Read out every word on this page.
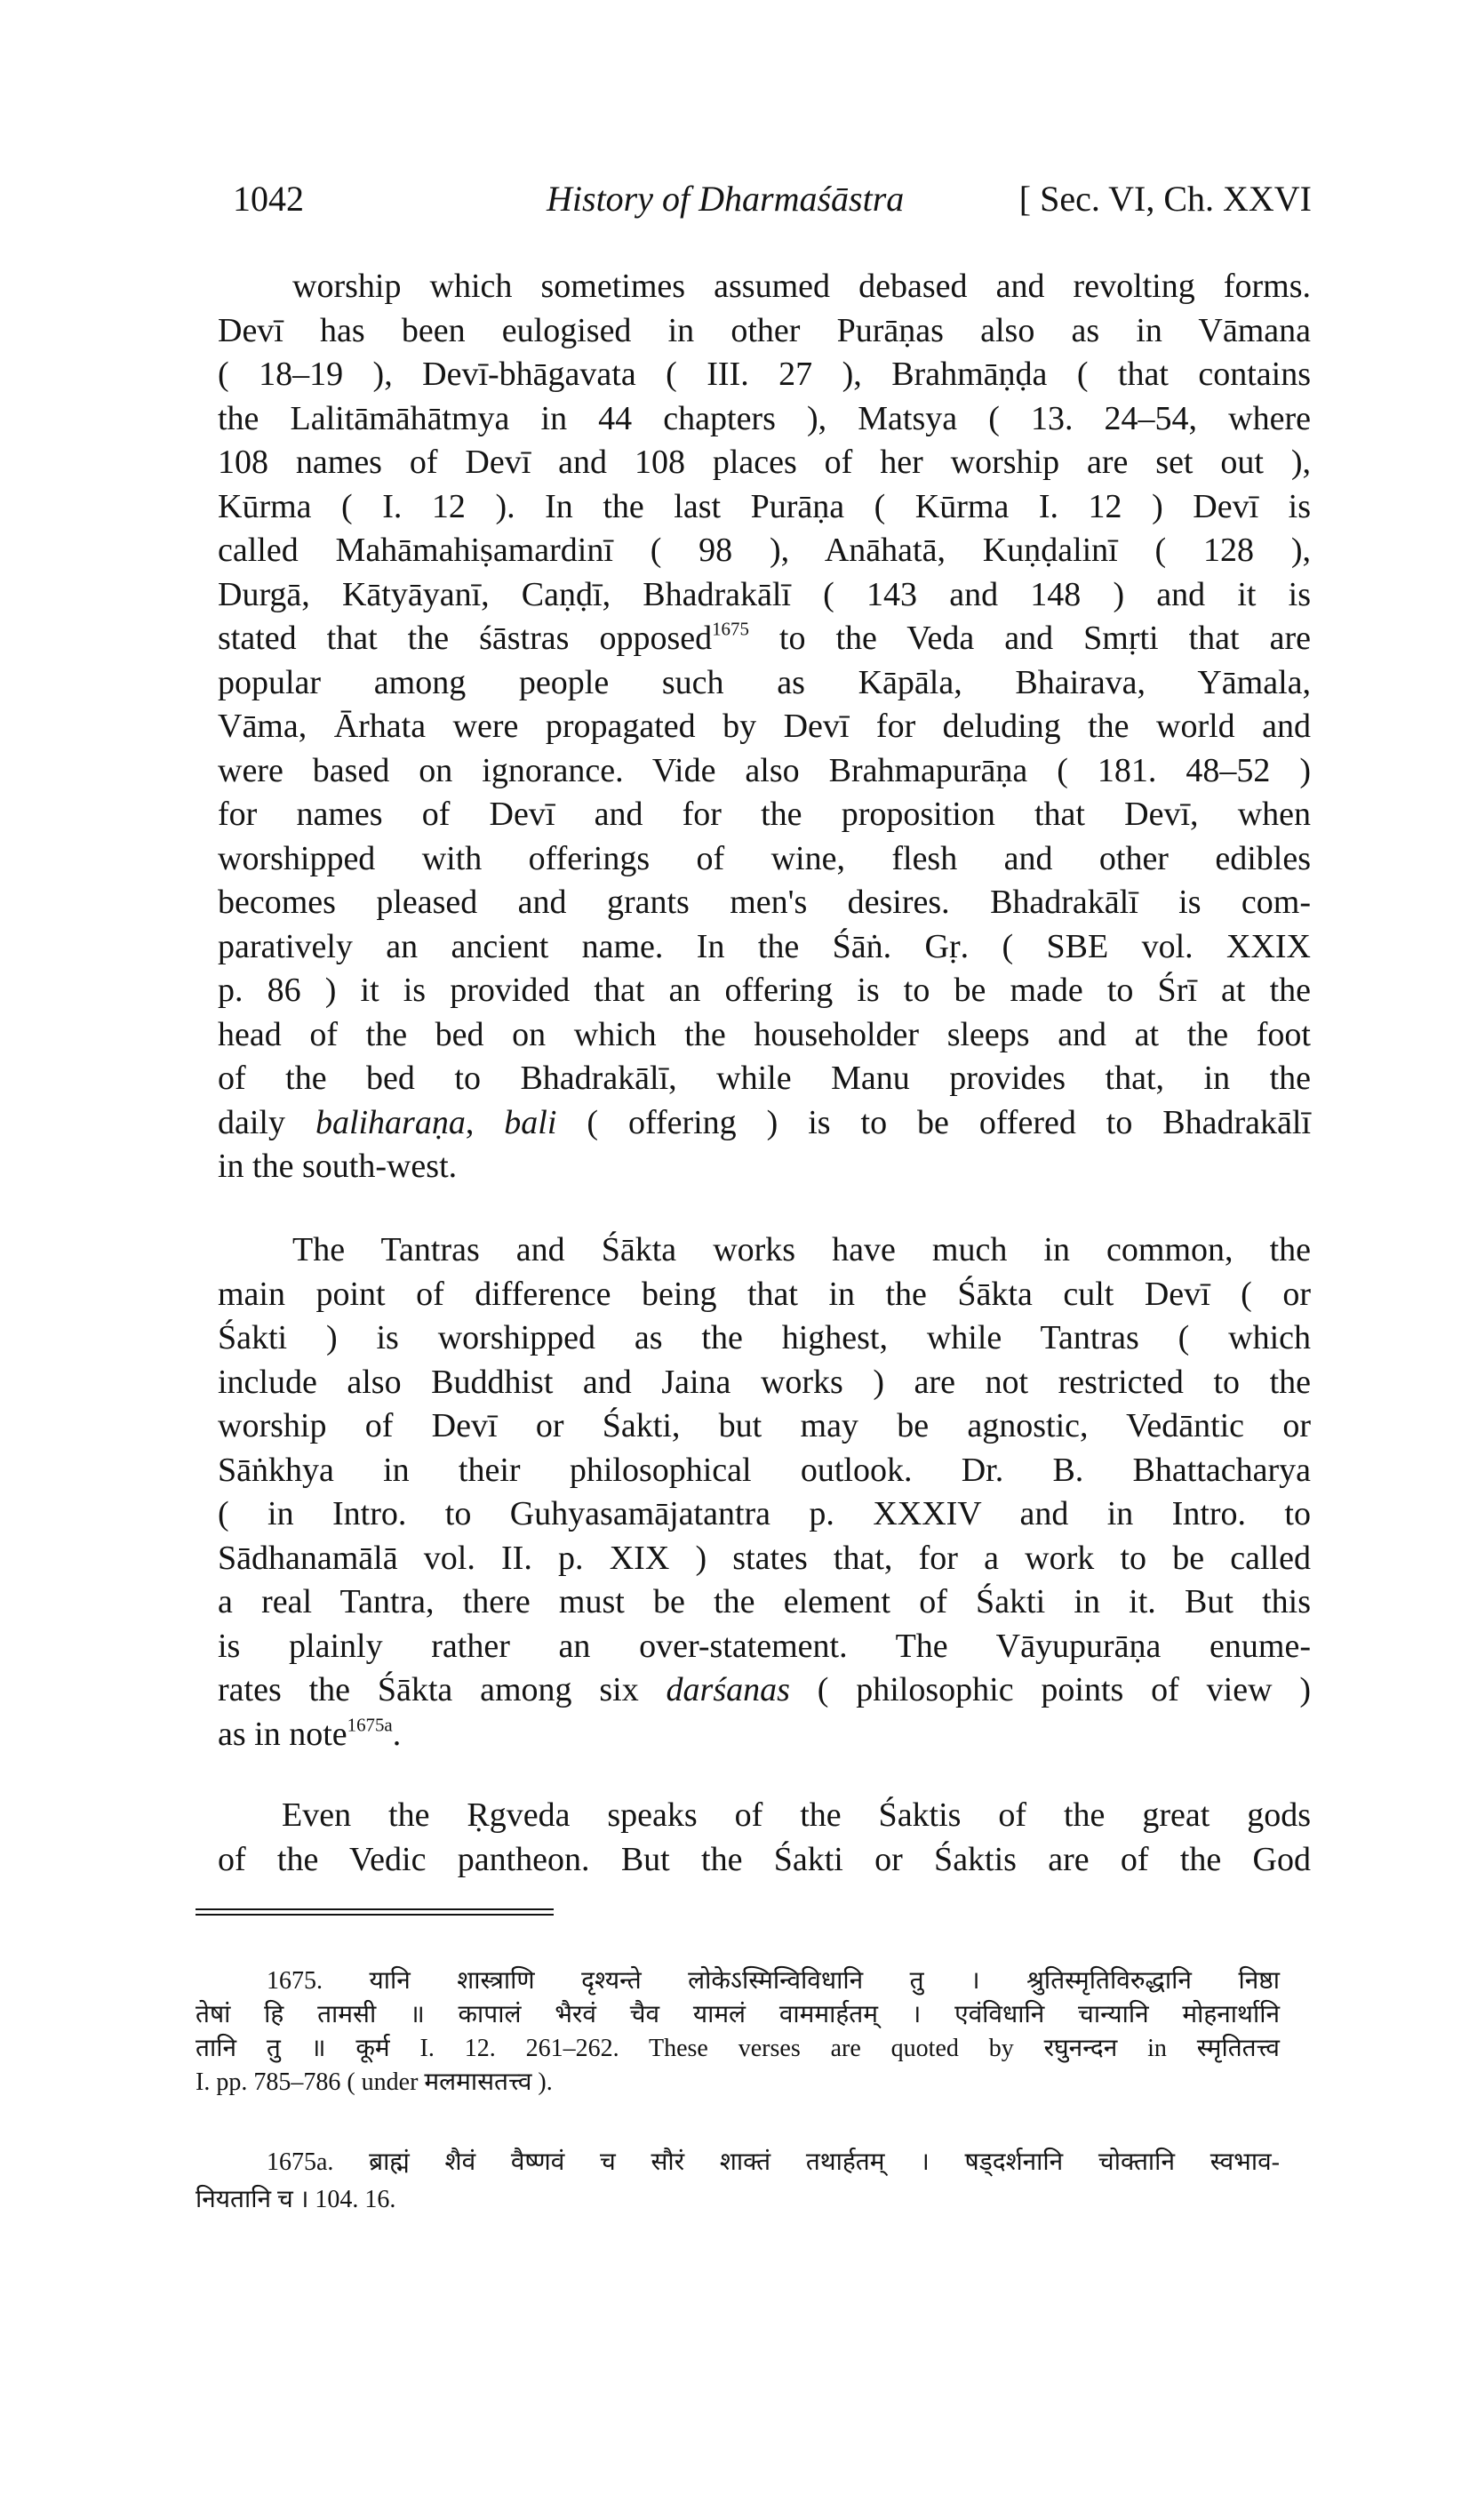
1042	History of Dharmaśāstra	[ Sec. VI, Ch. XXVI
worship which sometimes assumed debased and revolting forms.
Devī has been eulogised in other Purāṇas also as in Vāmana
( 18–19 ), Devī-bhāgavata ( III. 27 ), Brahmāṇḍa ( that contains
the Lalitāmāhātmya in 44 chapters ), Matsya ( 13. 24–54, where
108 names of Devī and 108 places of her worship are set out ),
Kūrma ( I. 12 ). In the last Purāṇa ( Kūrma I. 12 ) Devī is
called Mahāmahiṣamardinī ( 98 ), Anāhatā, Kuṇḍalinī ( 128 ),
Durgā, Kātyāyanī, Caṇḍī, Bhadrakālī ( 143 and 148 ) and it is
stated that the śāstras opposed$^{1675}$ to the Veda and Smṛti that are
popular among people such as Kāpāla, Bhairava, Yāmala,
Vāma, Ārhata were propagated by Devī for deluding the world and
were based on ignorance. Vide also Brahmapurāṇa ( 181. 48–52 )
for names of Devī and for the proposition that Devī, when
worshipped with offerings of wine, flesh and other edibles
becomes pleased and grants men's desires. Bhadrakālī is com-
paratively an ancient name. In the Śāṅ. Gṛ. ( SBE vol. XXIX
p. 86 ) it is provided that an offering is to be made to Śrī at the
head of the bed on which the householder sleeps and at the foot
of the bed to Bhadrakālī, while Manu provides that, in the
daily baliharaṇa, bali ( offering ) is to be offered to Bhadrakālī
in the south-west.
The Tantras and Śākta works have much in common, the
main point of difference being that in the Śākta cult Devī ( or
Śakti ) is worshipped as the highest, while Tantras ( which
include also Buddhist and Jaina works ) are not restricted to the
worship of Devī or Śakti, but may be agnostic, Vedāntic or
Sāṅkhya in their philosophical outlook. Dr. B. Bhattacharya
( in Intro. to Guhyasamājatantra p. XXXIV and in Intro. to
Sādhanamālā vol. II. p. XIX ) states that, for a work to be called
a real Tantra, there must be the element of Śakti in it. But this
is plainly rather an over-statement. The Vāyupurāṇa enume-
rates the Śākta among six darśanas ( philosophic points of view )
as in note$^{1675a}$.
Even the Ṛgveda speaks of the Śaktis of the great gods
of the Vedic pantheon. But the Śakti or Śaktis are of the God
1675. यानि शास्त्राणि दृश्यन्ते लोकेऽस्मिन्विविधानि तु । श्रुतिस्मृतिविरुद्धानि निष्ठा
तेषां हि तामसी ॥ कापालं भैरवं चैव यामलं वाममार्हतम् । एवंविधानि चान्यानि मोहनार्थानि
तानि तु ॥ कूर्म I. 12. 261–262. These verses are quoted by रघुनन्दन in स्मृतितत्त्व
I. pp. 785–786 ( under मलमासतत्त्व ).
1675a. ब्राह्मं शैवं वैष्णवं च सौरं शाक्तं तथार्हतम् । षड्दर्शनानि चोक्तानि स्वभाव-
नियतानि च । 104. 16.
